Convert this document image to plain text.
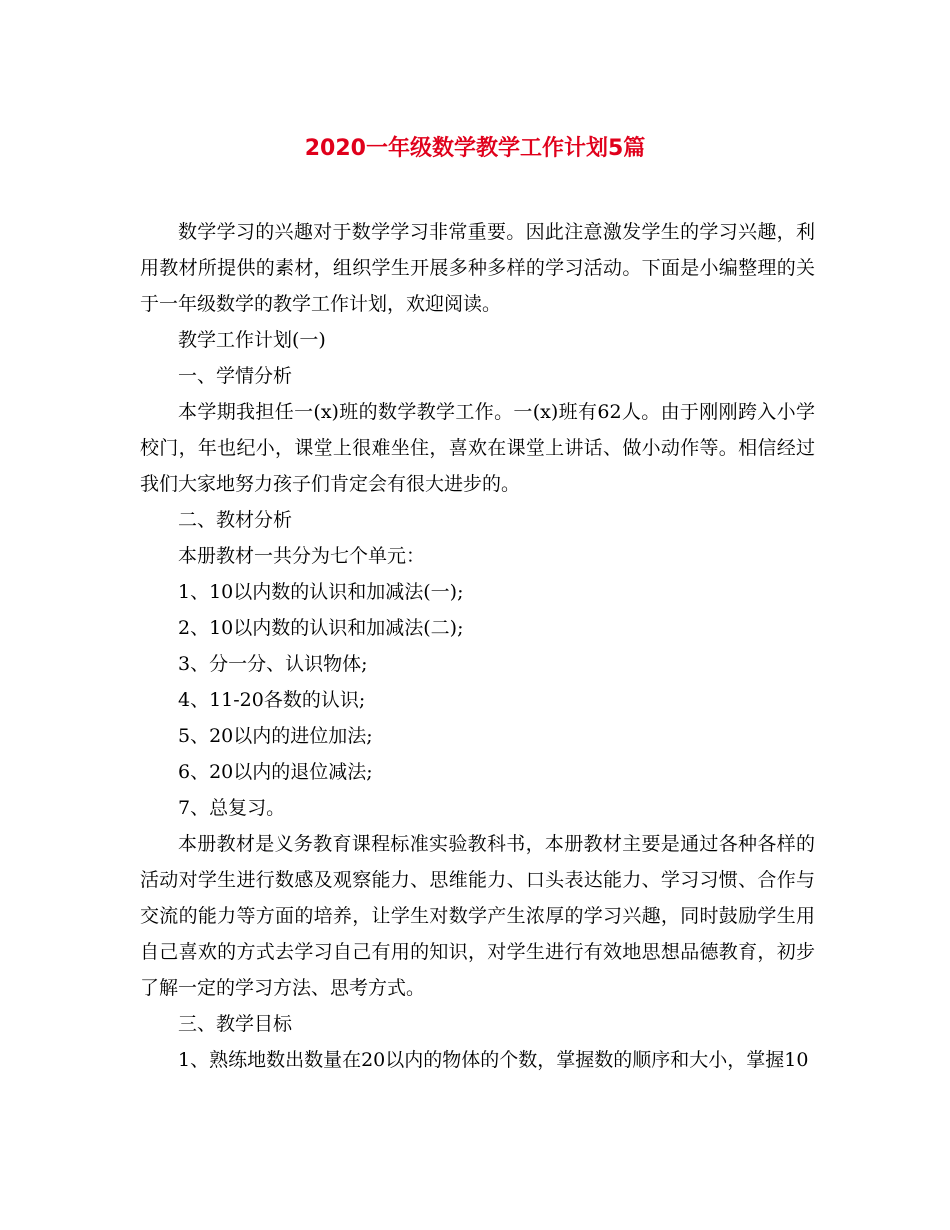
2020一年级数学教学工作计划5篇

数学学习的兴趣对于数学学习非常重要。因此注意激发学生的学习兴趣，利用教材所提供的素材，组织学生开展多种多样的学习活动。下面是小编整理的关于一年级数学的教学工作计划，欢迎阅读。

教学工作计划(一)

一、学情分析

本学期我担任一(x)班的数学教学工作。一(x)班有62人。由于刚刚跨入小学校门，年也纪小，课堂上很难坐住，喜欢在课堂上讲话、做小动作等。相信经过我们大家地努力孩子们肯定会有很大进步的。

二、教材分析

本册教材一共分为七个单元：

1、10以内数的认识和加减法(一);

2、10以内数的认识和加减法(二);

3、分一分、认识物体;

4、11-20各数的认识;

5、20以内的进位加法;

6、20以内的退位减法;

7、总复习。

本册教材是义务教育课程标准实验教科书，本册教材主要是通过各种各样的活动对学生进行数感及观察能力、思维能力、口头表达能力、学习习惯、合作与交流的能力等方面的培养，让学生对数学产生浓厚的学习兴趣，同时鼓励学生用自己喜欢的方式去学习自己有用的知识，对学生进行有效地思想品德教育，初步了解一定的学习方法、思考方式。

三、教学目标

1、熟练地数出数量在20以内的物体的个数，掌握数的顺序和大小，掌握10
